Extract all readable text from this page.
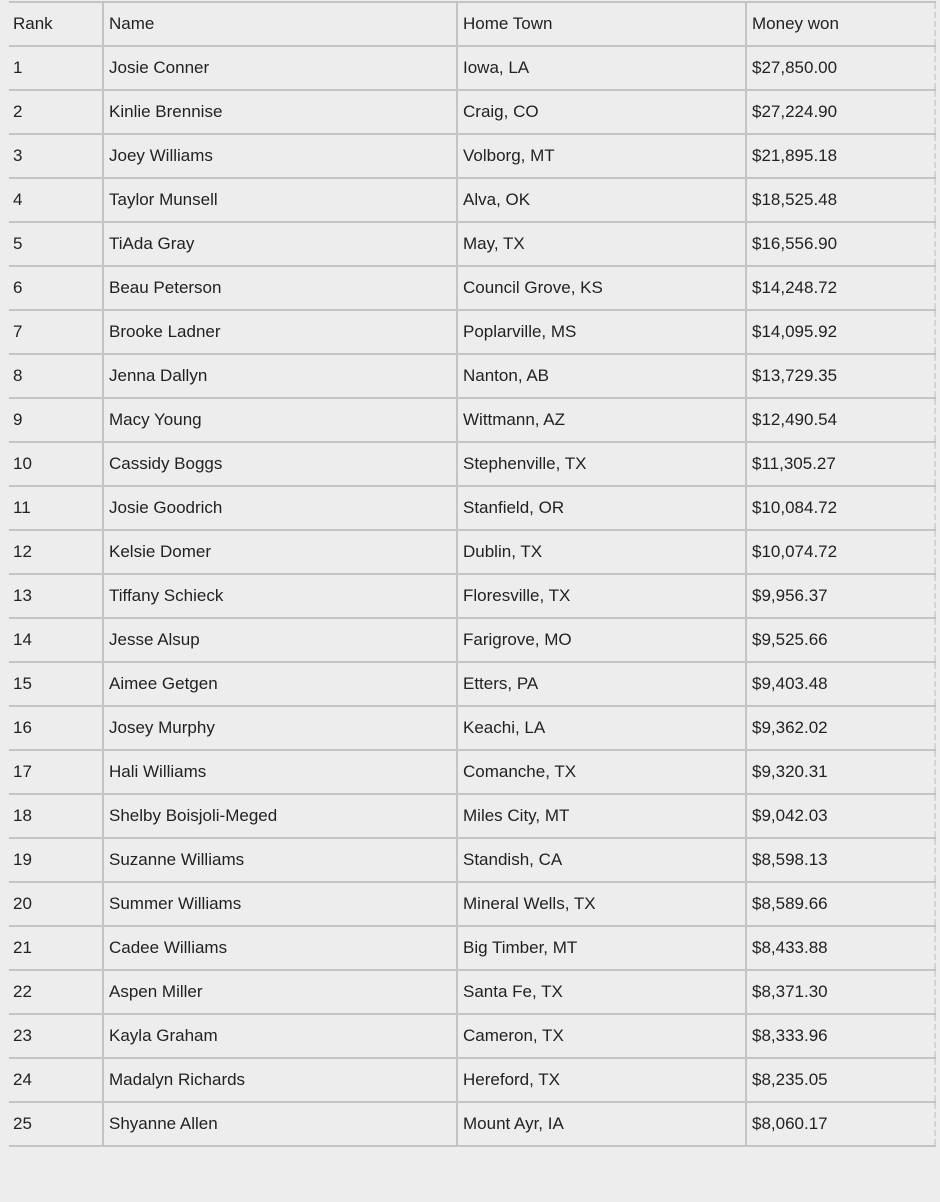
Rank	Name	Home Town	Money won
1	Josie Conner	Iowa, LA	$27,850.00
2	Kinlie Brennise	Craig, CO	$27,224.90
3	Joey Williams	Volborg, MT	$21,895.18
4	Taylor Munsell	Alva, OK	$18,525.48
5	TiAda Gray	May, TX	$16,556.90
6	Beau Peterson	Council Grove, KS	$14,248.72
7	Brooke Ladner	Poplarville, MS	$14,095.92
8	Jenna Dallyn	Nanton, AB	$13,729.35
9	Macy Young	Wittmann, AZ	$12,490.54
10	Cassidy Boggs	Stephenville, TX	$11,305.27
11	Josie Goodrich	Stanfield, OR	$10,084.72
12	Kelsie Domer	Dublin, TX	$10,074.72
13	Tiffany Schieck	Floresville, TX	$9,956.37
14	Jesse Alsup	Farigrove, MO	$9,525.66
15	Aimee Getgen	Etters, PA	$9,403.48
16	Josey Murphy	Keachi, LA	$9,362.02
17	Hali Williams	Comanche, TX	$9,320.31
18	Shelby Boisjoli-Meged	Miles City, MT	$9,042.03
19	Suzanne Williams	Standish, CA	$8,598.13
20	Summer Williams	Mineral Wells, TX	$8,589.66
21	Cadee Williams	Big Timber, MT	$8,433.88
22	Aspen Miller	Santa Fe, TX	$8,371.30
23	Kayla Graham	Cameron, TX	$8,333.96
24	Madalyn Richards	Hereford, TX	$8,235.05
25	Shyanne Allen	Mount Ayr, IA	$8,060.17
